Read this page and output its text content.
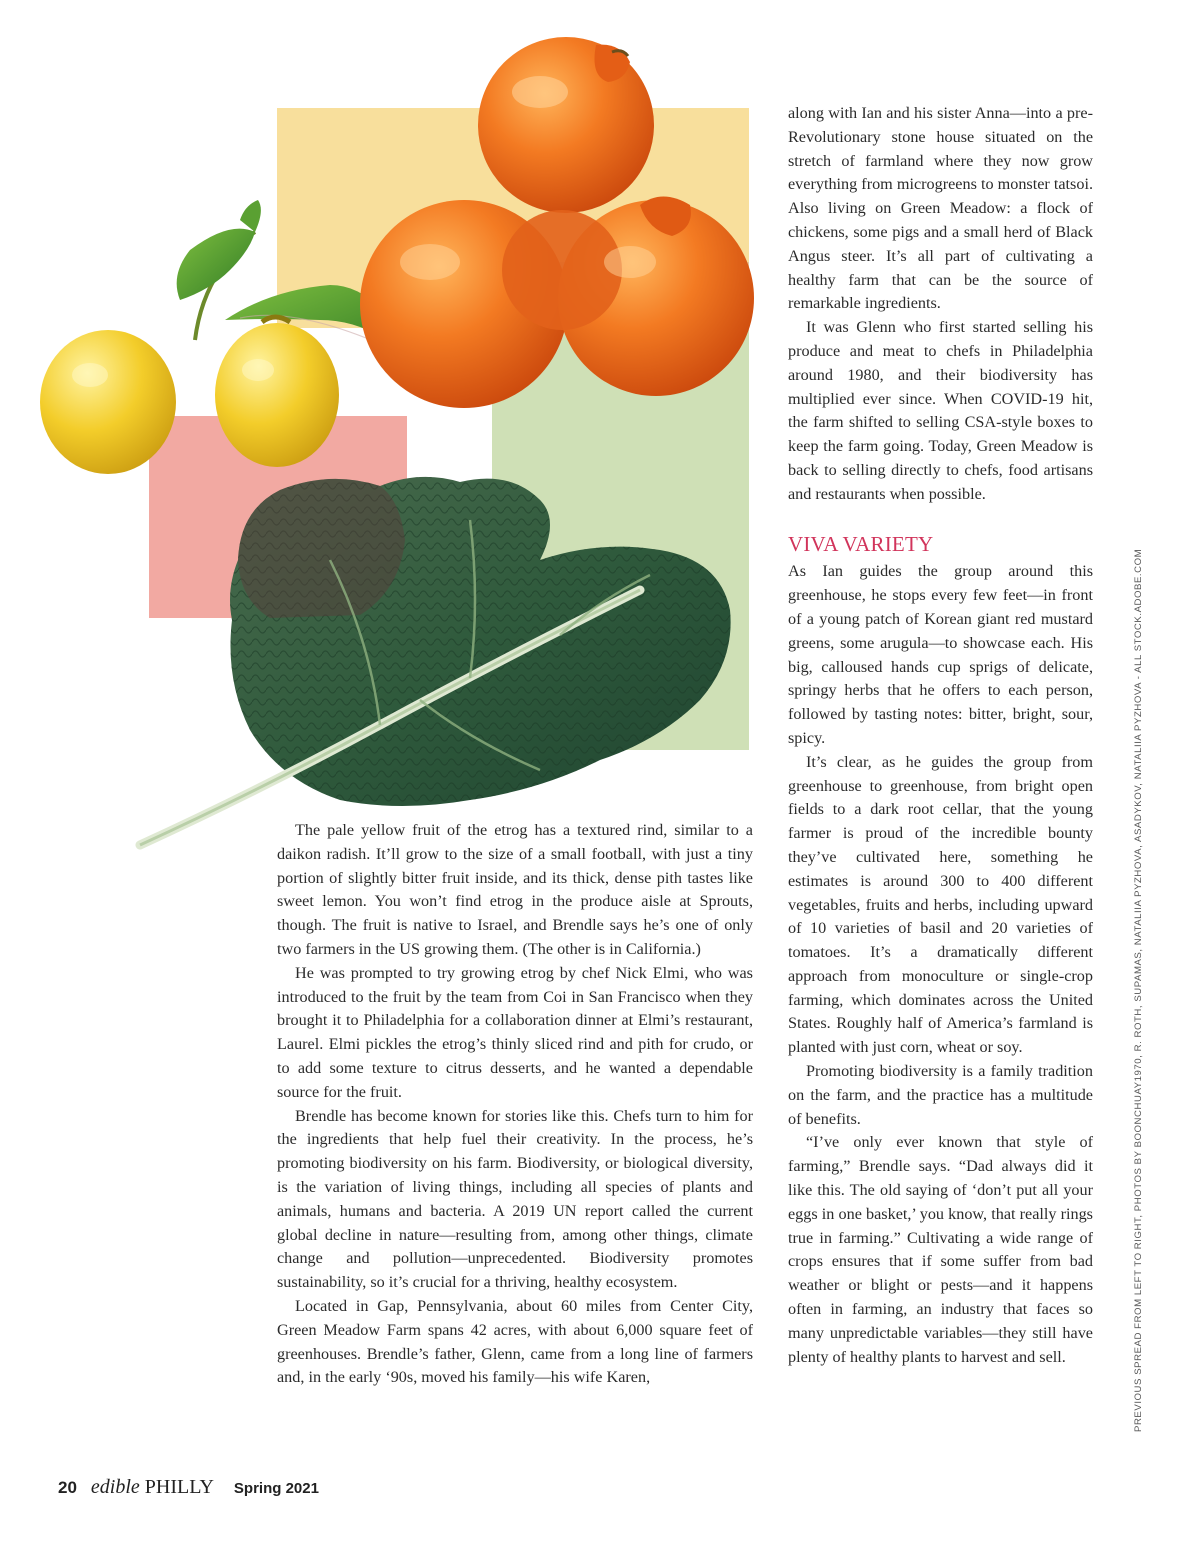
The pale yellow fruit of the etrog has a textured rind, similar to a daikon radish. It’ll grow to the size of a small football, with just a tiny portion of slightly bitter fruit inside, and its thick, dense pith tastes like sweet lemon. You won’t find etrog in the produce aisle at Sprouts, though. The fruit is native to Israel, and Brendle says he’s one of only two farmers in the US growing them. (The other is in California.)

He was prompted to try growing etrog by chef Nick Elmi, who was introduced to the fruit by the team from Coi in San Francisco when they brought it to Philadelphia for a collaboration dinner at Elmi’s restaurant, Laurel. Elmi pickles the etrog’s thinly sliced rind and pith for crudo, or to add some texture to citrus desserts, and he wanted a dependable source for the fruit.

Brendle has become known for stories like this. Chefs turn to him for the ingredients that help fuel their creativity. In the process, he’s promoting biodiversity on his farm. Biodiversity, or biological diversity, is the variation of living things, including all species of plants and animals, humans and bacteria. A 2019 UN report called the current global decline in nature—resulting from, among other things, climate change and pollution—unprecedented. Biodiversity promotes sustainability, so it’s crucial for a thriving, healthy ecosystem.

Located in Gap, Pennsylvania, about 60 miles from Center City, Green Meadow Farm spans 42 acres, with about 6,000 square feet of greenhouses. Brendle’s father, Glenn, came from a long line of farmers and, in the early ‘90s, moved his family—his wife Karen,

along with Ian and his sister Anna—into a pre-Revolutionary stone house situated on the stretch of farmland where they now grow everything from microgreens to monster tatsoi. Also living on Green Meadow: a flock of chickens, some pigs and a small herd of Black Angus steer. It’s all part of cultivating a healthy farm that can be the source of remarkable ingredients.

It was Glenn who first started selling his produce and meat to chefs in Philadelphia around 1980, and their biodiversity has multiplied ever since. When COVID-19 hit, the farm shifted to selling CSA-style boxes to keep the farm going. Today, Green Meadow is back to selling directly to chefs, food artisans and restaurants when possible.

VIVA VARIETY

As Ian guides the group around this greenhouse, he stops every few feet—in front of a young patch of Korean giant red mustard greens, some arugula—to showcase each. His big, calloused hands cup sprigs of delicate, springy herbs that he offers to each person, followed by tasting notes: bitter, bright, sour, spicy.

It’s clear, as he guides the group from greenhouse to greenhouse, from bright open fields to a dark root cellar, that the young farmer is proud of the incredible bounty they’ve cultivated here, something he estimates is around 300 to 400 different vegetables, fruits and herbs, including upward of 10 varieties of basil and 20 varieties of tomatoes. It’s a dramatically different approach from monoculture or single-crop farming, which dominates across the United States. Roughly half of America’s farmland is planted with just corn, wheat or soy.

Promoting biodiversity is a family tradition on the farm, and the practice has a multitude of benefits.

“I’ve only ever known that style of farming,” Brendle says. “Dad always did it like this. The old saying of ‘don’t put all your eggs in one basket,’ you know, that really rings true in farming.” Cultivating a wide range of crops ensures that if some suffer from bad weather or blight or pests—and it happens often in farming, an industry that faces so many unpredictable variables—they still have plenty of healthy plants to harvest and sell.	PREVIOUS SPREAD FROM LEFT TO RIGHT, PHOTOS BY BOONCHUAY1970, R. ROTH, SUPAMAS, NATALIIA PYZHOVA, ASADYKOV, NATALIIA PYZHOVA - ALL STOCK.ADOBE.COM
20 edible PHILLY Spring 2021
